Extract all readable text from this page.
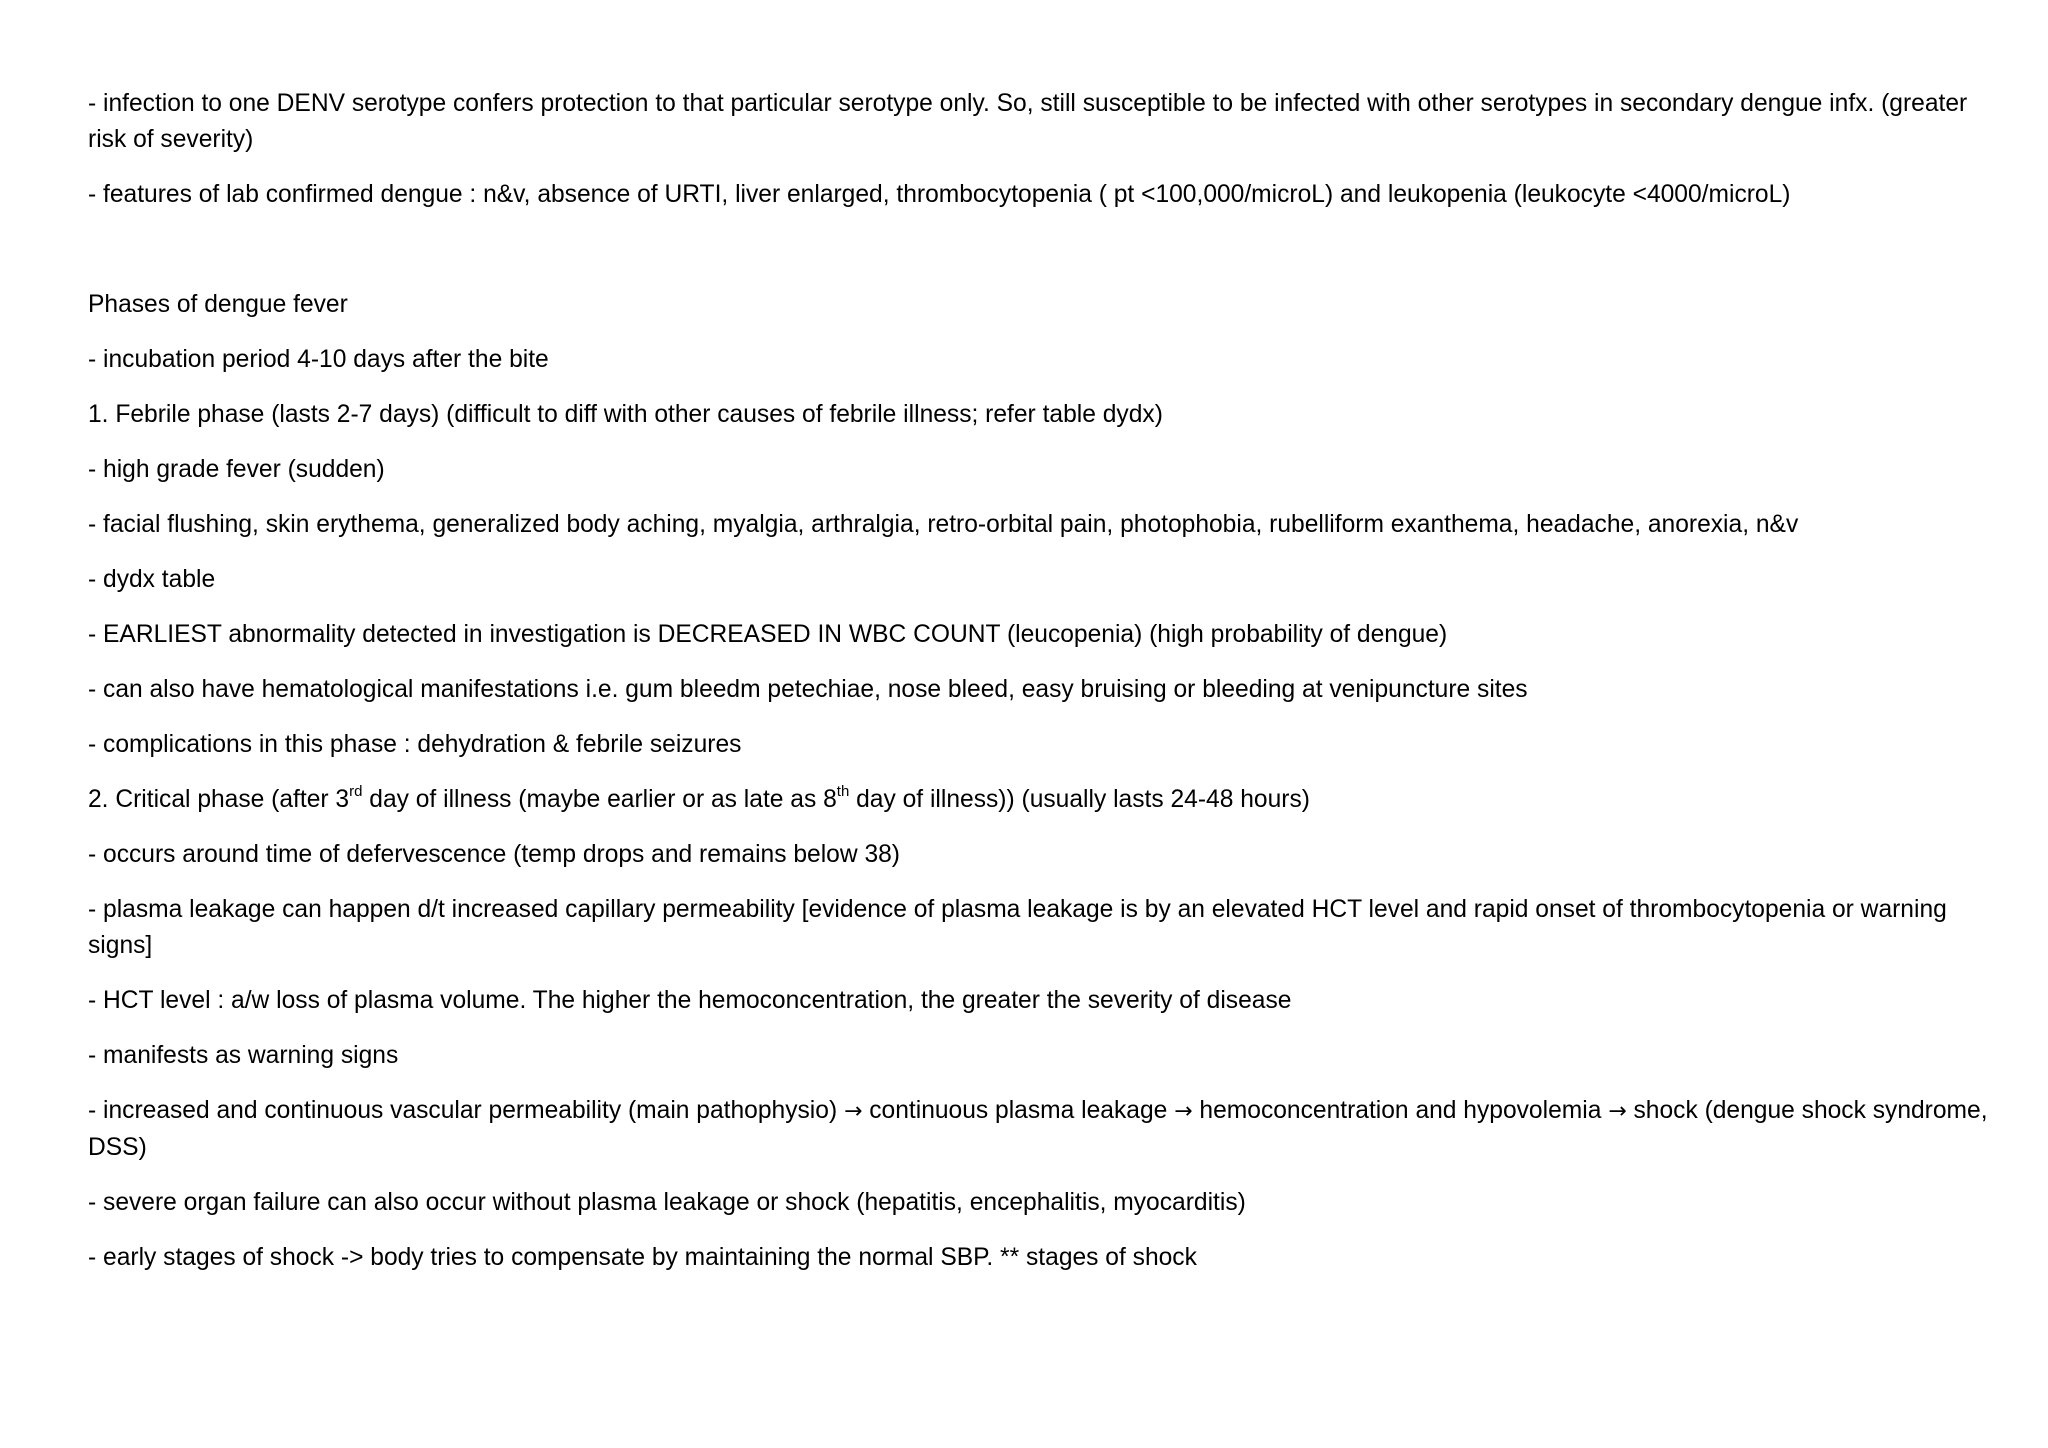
- infection to one DENV serotype confers protection to that particular serotype only. So, still susceptible to be infected with other serotypes in secondary dengue infx. (greater risk of severity)

- features of lab confirmed dengue : n&v, absence of URTI, liver enlarged, thrombocytopenia ( pt <100,000/microL) and leukopenia (leukocyte <4000/microL)

Phases of dengue fever

- incubation period 4-10 days after the bite

1. Febrile phase (lasts 2-7 days) (difficult to diff with other causes of febrile illness; refer table dydx)

- high grade fever (sudden)

- facial flushing, skin erythema, generalized body aching, myalgia, arthralgia, retro-orbital pain, photophobia, rubelliform exanthema, headache, anorexia, n&v

- dydx table

- EARLIEST abnormality detected in investigation is DECREASED IN WBC COUNT (leucopenia) (high probability of dengue)

- can also have hematological manifestations i.e. gum bleedm petechiae, nose bleed, easy bruising or bleeding at venipuncture sites

- complications in this phase : dehydration & febrile seizures

2. Critical phase (after 3rd day of illness (maybe earlier or as late as 8th day of illness)) (usually lasts 24-48 hours)

- occurs around time of defervescence (temp drops and remains below 38)

- plasma leakage can happen d/t increased capillary permeability [evidence of plasma leakage is by an elevated HCT level and rapid onset of thrombocytopenia or warning signs]

- HCT level : a/w loss of plasma volume. The higher the hemoconcentration, the greater the severity of disease

- manifests as warning signs

- increased and continuous vascular permeability (main pathophysio) → continuous plasma leakage → hemoconcentration and hypovolemia → shock (dengue shock syndrome, DSS)

- severe organ failure can also occur without plasma leakage or shock (hepatitis, encephalitis, myocarditis)

- early stages of shock -> body tries to compensate by maintaining the normal SBP. ** stages of shock
